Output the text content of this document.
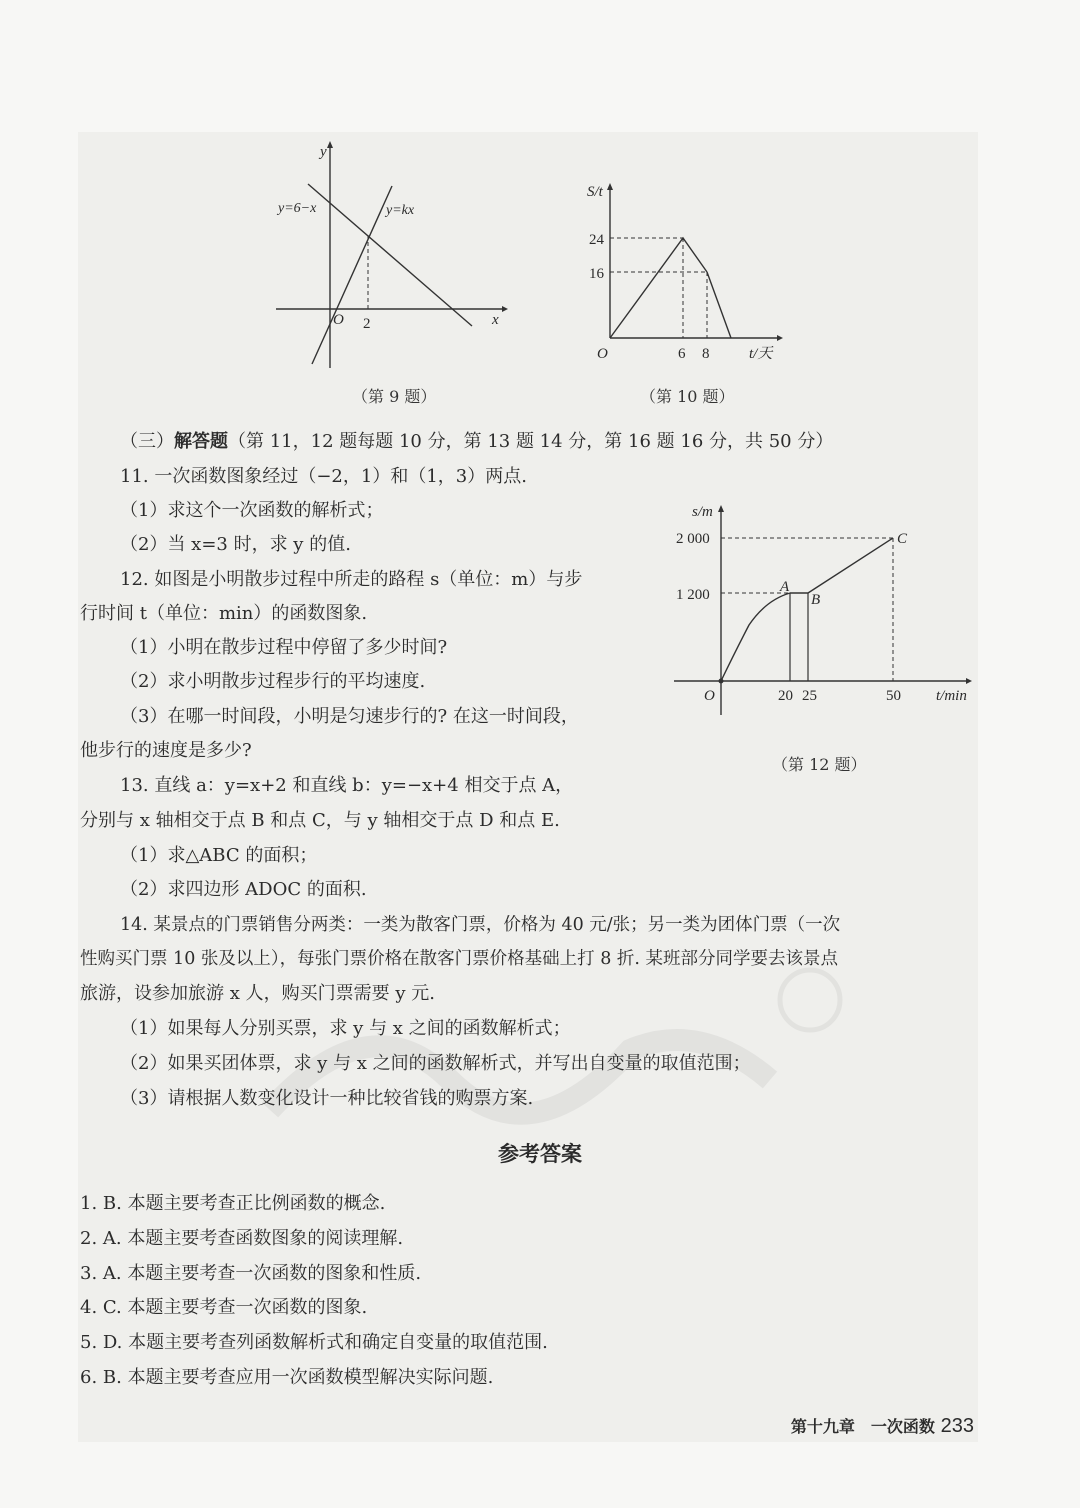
y
x
O 2
y=6−x	y=kx
（第 9 题）
S/t
24
16
O	6 8	t/天
（第 10 题）
s/m
2 000
1 200	A
B
C
O	20 25	50 t/min
（第 12 题）
（三）解答题（第 11，12 题每题 10 分，第 13 题 14 分，第 16 题 16 分，共 50 分）
11. 一次函数图象经过（−2，1）和（1，3）两点.
（1）求这个一次函数的解析式；
（2）当 x=3 时，求 y 的值.
12. 如图是小明散步过程中所走的路程 s（单位：m）与步
行时间 t（单位：min）的函数图象.
（1）小明在散步过程中停留了多少时间?
（2）求小明散步过程步行的平均速度.
（3）在哪一时间段，小明是匀速步行的? 在这一时间段，
他步行的速度是多少?
13. 直线 a：y=x+2 和直线 b：y=−x+4 相交于点 A，
分别与 x 轴相交于点 B 和点 C，与 y 轴相交于点 D 和点 E.
（1）求△ABC 的面积；
（2）求四边形 ADOC 的面积.
14. 某景点的门票销售分两类：一类为散客门票，价格为 40 元/张；另一类为团体门票（一次
性购买门票 10 张及以上），每张门票价格在散客门票价格基础上打 8 折. 某班部分同学要去该景点
旅游，设参加旅游 x 人，购买门票需要 y 元.
（1）如果每人分别买票，求 y 与 x 之间的函数解析式；
（2）如果买团体票，求 y 与 x 之间的函数解析式，并写出自变量的取值范围；
（3）请根据人数变化设计一种比较省钱的购票方案.
参考答案
1. B. 本题主要考查正比例函数的概念.
2. A. 本题主要考查函数图象的阅读理解.
3. A. 本题主要考查一次函数的图象和性质.
4. C. 本题主要考查一次函数的图象.
5. D. 本题主要考查列函数解析式和确定自变量的取值范围.
6. B. 本题主要考查应用一次函数模型解决实际问题.
第十九章　一次函数 233
